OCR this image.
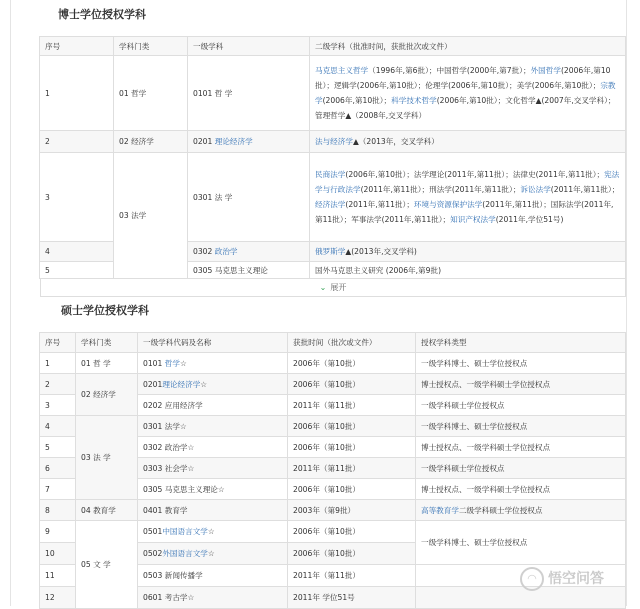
博士学位授权学科
序号	学科门类	一级学科	二级学科（批准时间，获批批次或文件）
1	01 哲学	0101 哲 学	马克思主义哲学（1996年,第6批）；中国哲学(2000年,第7批）；外国哲学(2006年,第10批）；逻辑学(2006年,第10批）；伦理学(2006年,第10批）；美学(2006年,第10批）；宗教学(2006年,第10批）；科学技术哲学(2006年,第10批）；文化哲学▲(2007年,交叉学科）；管理哲学▲（2008年,交叉学科）
2	02 经济学	0201 理论经济学	法与经济学▲（2013年，交叉学科）
3	03 法学	0301 法 学	民商法学(2006年,第10批）；法学理论(2011年,第11批）；法律史(2011年,第11批）；宪法学与行政法学(2011年,第11批）；刑法学(2011年,第11批）；诉讼法学(2011年,第11批）；经济法学(2011年,第11批）；环境与资源保护法学(2011年,第11批）；国际法学(2011年,第11批）；军事法学(2011年,第11批）；知识产权法学(2011年,学位51号)
4		0302 政治学	俄罗斯学▲(2013年,交叉学科)
5		0305 马克思主义理论	国外马克思主义研究 (2006年,第9批)
⌄ 展开
硕士学位授权学科
序号	学科门类	一级学科代码及名称	获批时间（批次或文件）	授权学科类型
1	01 哲 学	0101 哲学☆	2006年（第10批）	一级学科博士、硕士学位授权点
2	02 经济学	0201理论经济学☆	2006年（第10批）	博士授权点、一级学科硕士学位授权点
3		0202 应用经济学	2011年（第11批）	一级学科硕士学位授权点
4	03 法 学	0301 法学☆	2006年（第10批）	一级学科博士、硕士学位授权点
5		0302 政治学☆	2006年（第10批）	博士授权点、一级学科硕士学位授权点
6		0303 社会学☆	2011年（第11批）	一级学科硕士学位授权点
7		0305 马克思主义理论☆	2006年（第10批）	博士授权点、一级学科硕士学位授权点
8	04 教育学	0401 教育学	2003年（第9批）	高等教育学二级学科硕士学位授权点
9	05 文 学	0501中国语言文学☆	2006年（第10批）	一级学科博士、硕士学位授权点
10		0502外国语言文学☆	2006年（第10批）	
11		0503 新闻传播学	2011年（第11批）	
12		0601 考古学☆	2011年 学位51号	
◠ 悟空问答
